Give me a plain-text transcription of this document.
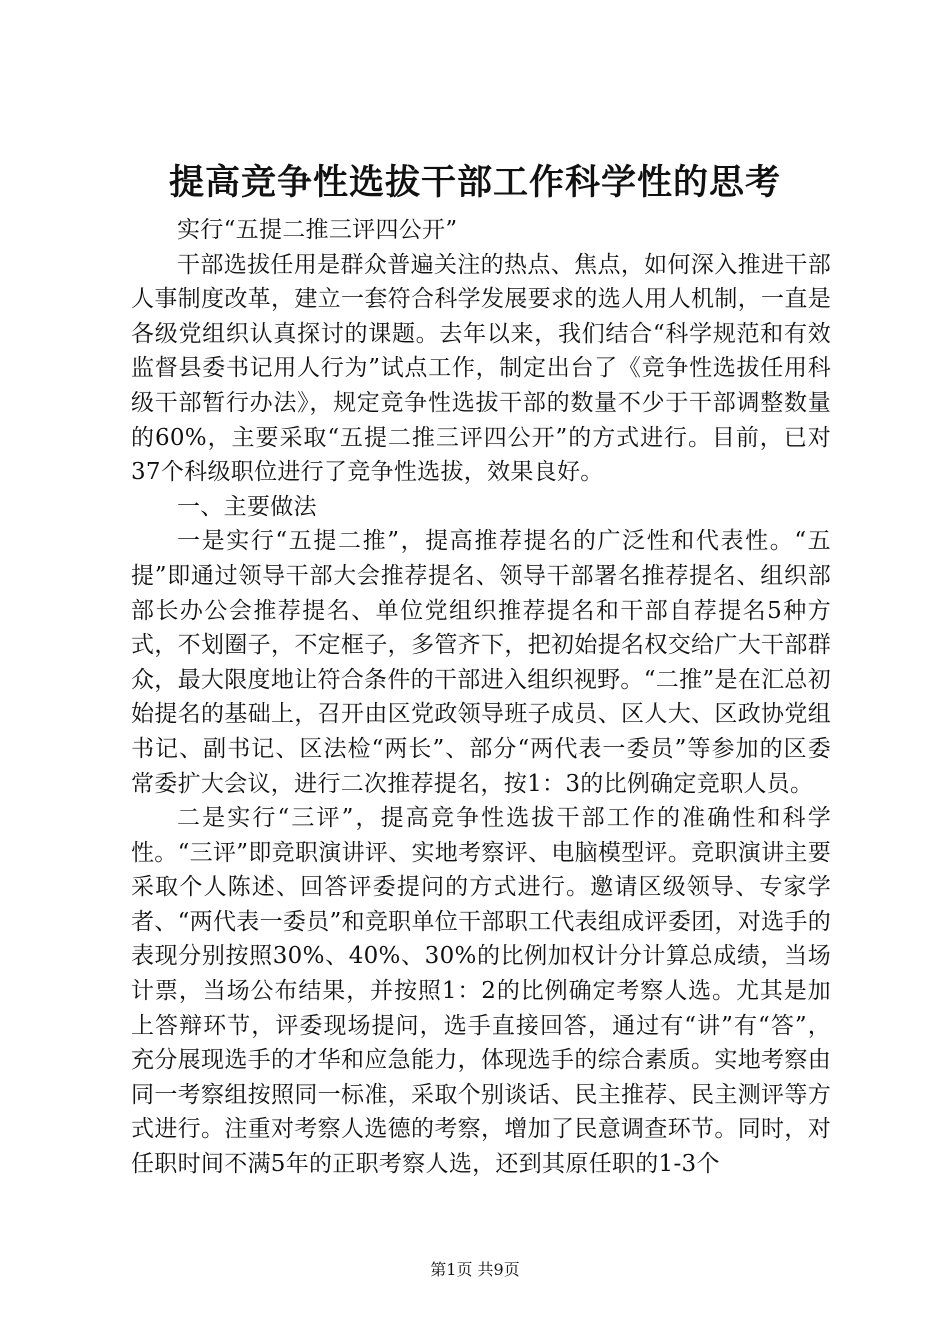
提高竞争性选拔干部工作科学性的思考

实行“五提二推三评四公开”

干部选拔任用是群众普遍关注的热点、焦点，如何深入推进干部人事制度改革，建立一套符合科学发展要求的选人用人机制，一直是各级党组织认真探讨的课题。去年以来，我们结合“科学规范和有效监督县委书记用人行为”试点工作，制定出台了《竞争性选拔任用科级干部暂行办法》，规定竞争性选拔干部的数量不少于干部调整数量的60%，主要采取“五提二推三评四公开”的方式进行。目前，已对37个科级职位进行了竞争性选拔，效果良好。

一、主要做法

一是实行“五提二推”，提高推荐提名的广泛性和代表性。“五提”即通过领导干部大会推荐提名、领导干部署名推荐提名、组织部部长办公会推荐提名、单位党组织推荐提名和干部自荐提名5种方式，不划圈子，不定框子，多管齐下，把初始提名权交给广大干部群众，最大限度地让符合条件的干部进入组织视野。“二推”是在汇总初始提名的基础上，召开由区党政领导班子成员、区人大、区政协党组书记、副书记、区法检“两长”、部分“两代表一委员”等参加的区委常委扩大会议，进行二次推荐提名，按1：3的比例确定竞职人员。

二是实行“三评”，提高竞争性选拔干部工作的准确性和科学性。“三评”即竞职演讲评、实地考察评、电脑模型评。竞职演讲主要采取个人陈述、回答评委提问的方式进行。邀请区级领导、专家学者、“两代表一委员”和竞职单位干部职工代表组成评委团，对选手的表现分别按照30%、40%、30%的比例加权计分计算总成绩，当场计票，当场公布结果，并按照1：2的比例确定考察人选。尤其是加上答辩环节，评委现场提问，选手直接回答，通过有“讲”有“答”，充分展现选手的才华和应急能力，体现选手的综合素质。实地考察由同一考察组按照同一标准，采取个别谈话、民主推荐、民主测评等方式进行。注重对考察人选德的考察，增加了民意调查环节。同时，对任职时间不满5年的正职考察人选，还到其原任职的1-3个

第1页 共9页
